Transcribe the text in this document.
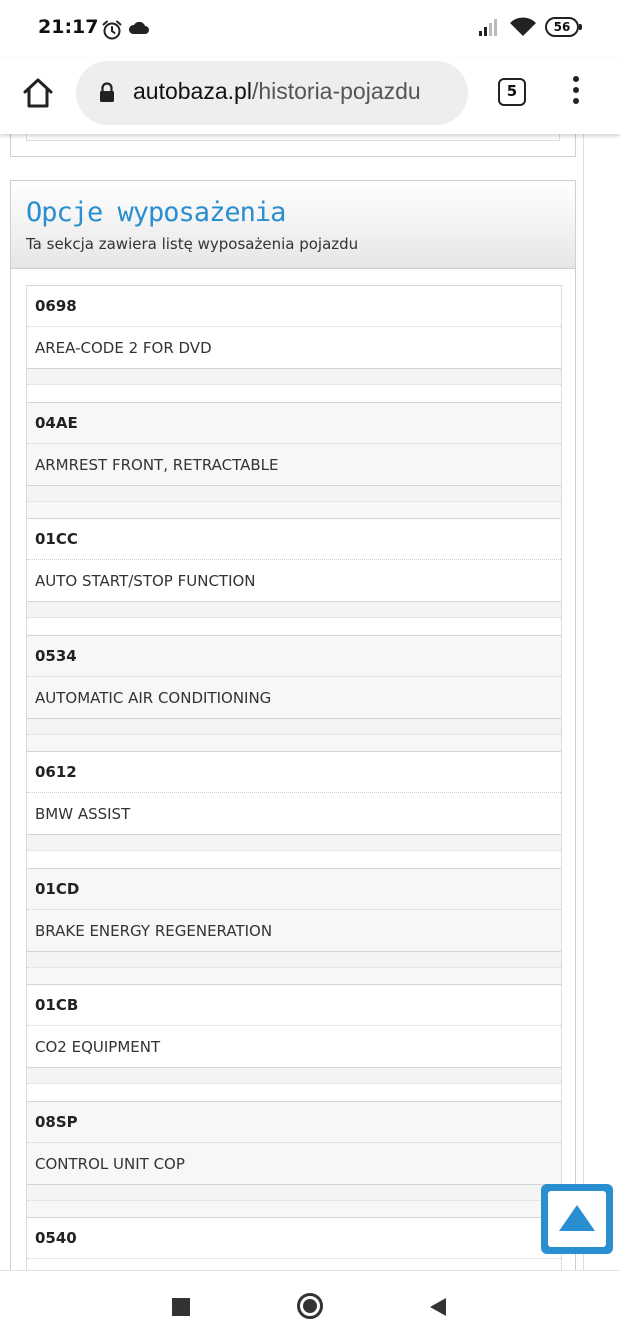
21:17	56
autobaza.pl/historia-pojazdu	5
Opcje wyposażenia
Ta sekcja zawiera listę wyposażenia pojazdu
0698
AREA-CODE 2 FOR DVD
04AE
ARMREST FRONT, RETRACTABLE
01CC
AUTO START/STOP FUNCTION
0534
AUTOMATIC AIR CONDITIONING
0612
BMW ASSIST
01CD
BRAKE ENERGY REGENERATION
01CB
CO2 EQUIPMENT
08SP
CONTROL UNIT COP
0540
